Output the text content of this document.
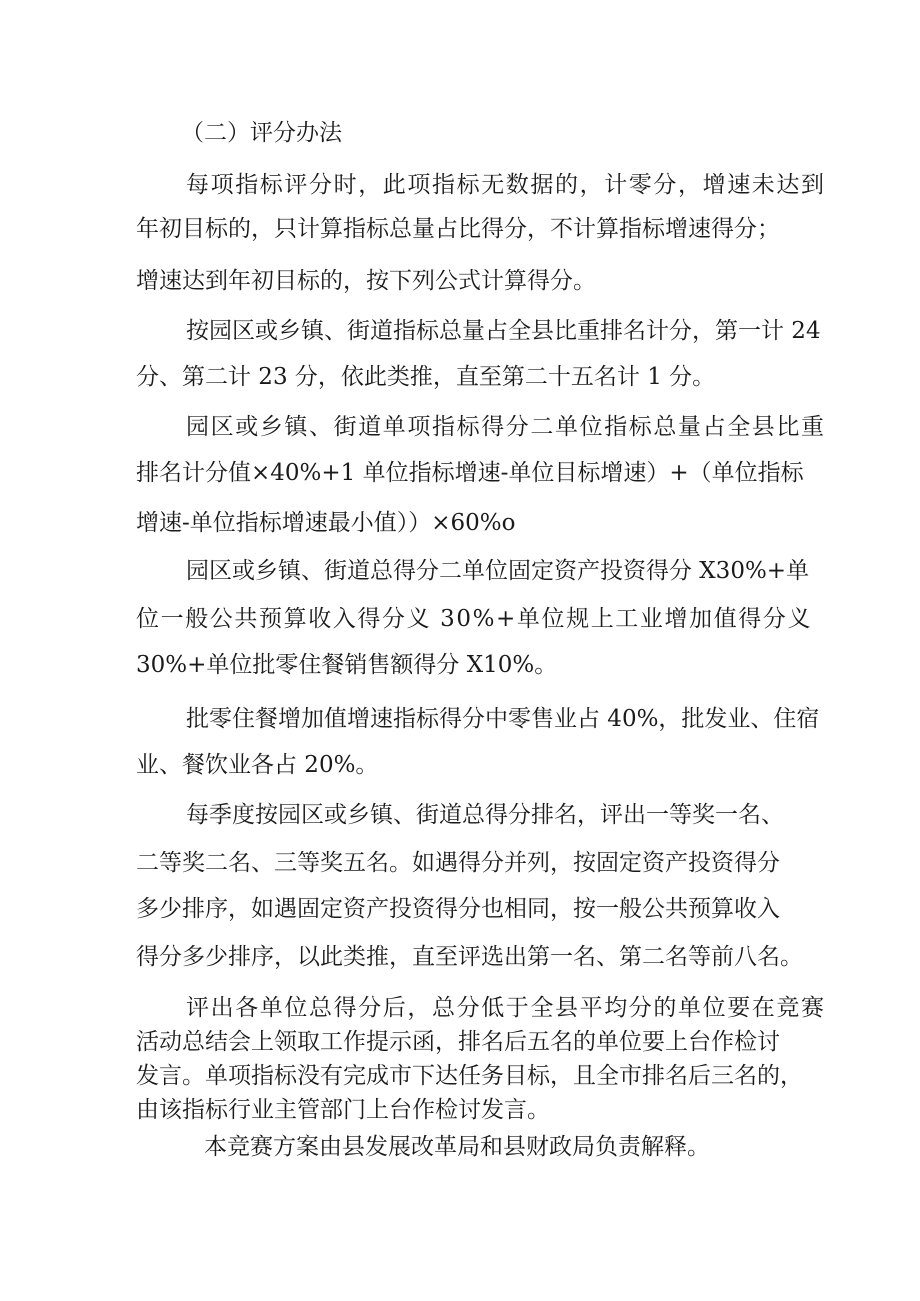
（二）评分办法
每项指标评分时，此项指标无数据的，计零分，增速未达到
年初目标的，只计算指标总量占比得分，不计算指标增速得分；
增速达到年初目标的，按下列公式计算得分。
按园区或乡镇、街道指标总量占全县比重排名计分，第一计 24
分、第二计 23 分，依此类推，直至第二十五名计 1 分。
园区或乡镇、街道单项指标得分二单位指标总量占全县比重
排名计分值×40%+1 单位指标增速-单位目标增速）+（单位指标
增速-单位指标增速最小值））×60%o
园区或乡镇、街道总得分二单位固定资产投资得分 X30%+单
位一般公共预算收入得分义 30%+单位规上工业增加值得分义
30%+单位批零住餐销售额得分 X10%。
批零住餐增加值增速指标得分中零售业占 40%，批发业、住宿
业、餐饮业各占 20%。
每季度按园区或乡镇、街道总得分排名，评出一等奖一名、
二等奖二名、三等奖五名。如遇得分并列，按固定资产投资得分
多少排序，如遇固定资产投资得分也相同，按一般公共预算收入
得分多少排序，以此类推，直至评选出第一名、第二名等前八名。
评出各单位总得分后，总分低于全县平均分的单位要在竞赛
活动总结会上领取工作提示函，排名后五名的单位要上台作检讨
发言。单项指标没有完成市下达任务目标，且全市排名后三名的，
由该指标行业主管部门上台作检讨发言。
本竞赛方案由县发展改革局和县财政局负责解释。
